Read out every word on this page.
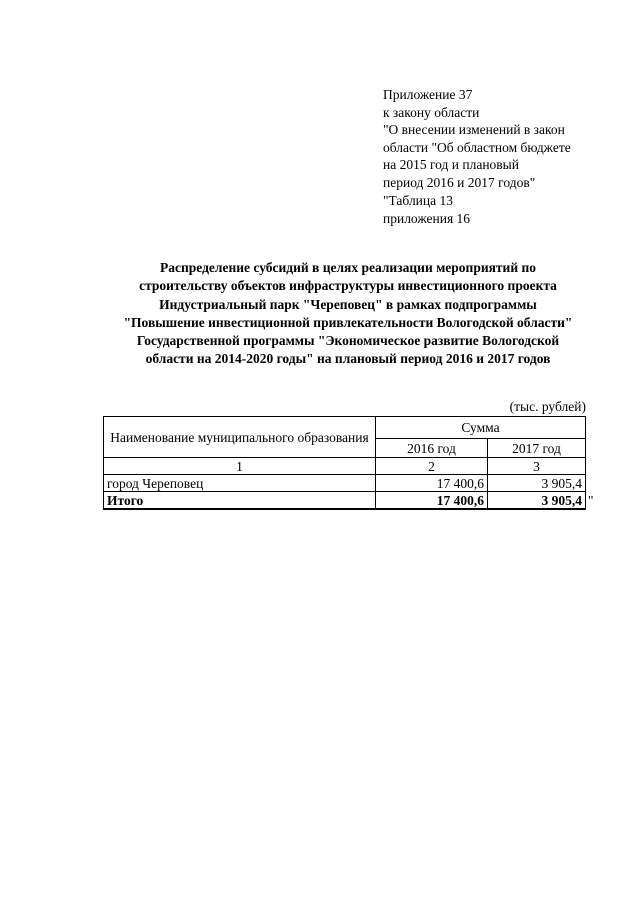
Приложение 37
к закону области
"О внесении изменений в закон
области "Об областном бюджете
на 2015 год и плановый
период 2016 и 2017 годов"
"Таблица 13
приложения 16
Распределение субсидий в целях реализации мероприятий по
строительству объектов инфраструктуры инвестиционного проекта
Индустриальный парк "Череповец" в рамках подпрограммы
"Повышение инвестиционной привлекательности Вологодской области"
Государственной программы "Экономическое развитие Вологодской
области на 2014-2020 годы" на плановый период 2016 и 2017 годов
(тыс. рублей)
Наименование муниципального образования	Сумма	
	2016 год	2017 год
1	2	3
город Череповец	17 400,6	3 905,4
Итого	17 400,6	3 905,4 "
